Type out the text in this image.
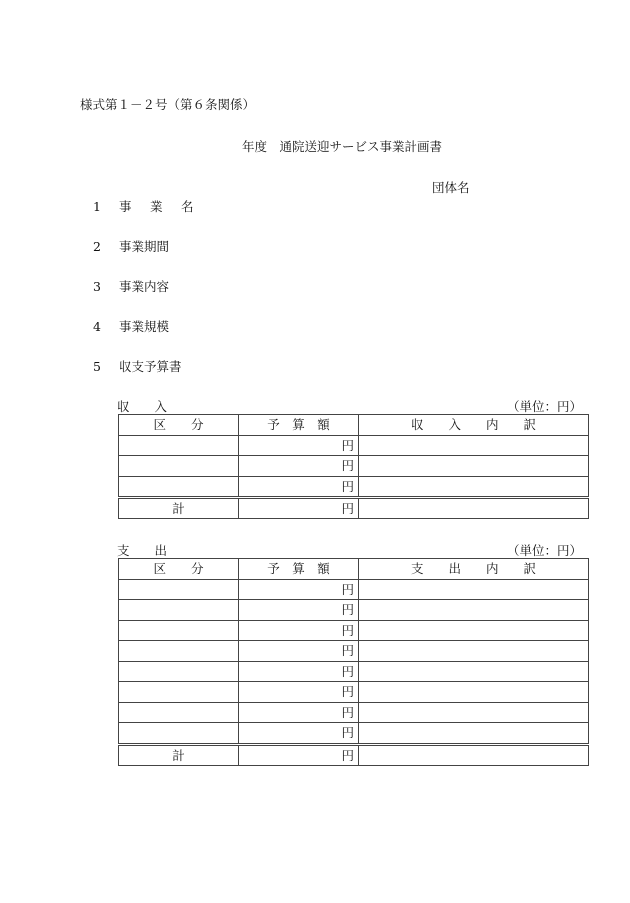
様式第１－２号（第６条関係）
年度　通院送迎サービス事業計画書
団体名
1 事　業　名
2 事業期間
3 事業内容
4 事業規模
5 収支予算書
収　　入	（単位：円）
区　　分	予　算　額	収　　入　　内　　訳
	円	
	円	
	円	
計	円	
支　　出	（単位：円）
区　　分	予　算　額	支　　出　　内　　訳
	円	
	円	
	円	
	円	
	円	
	円	
	円	
	円	
計	円	
